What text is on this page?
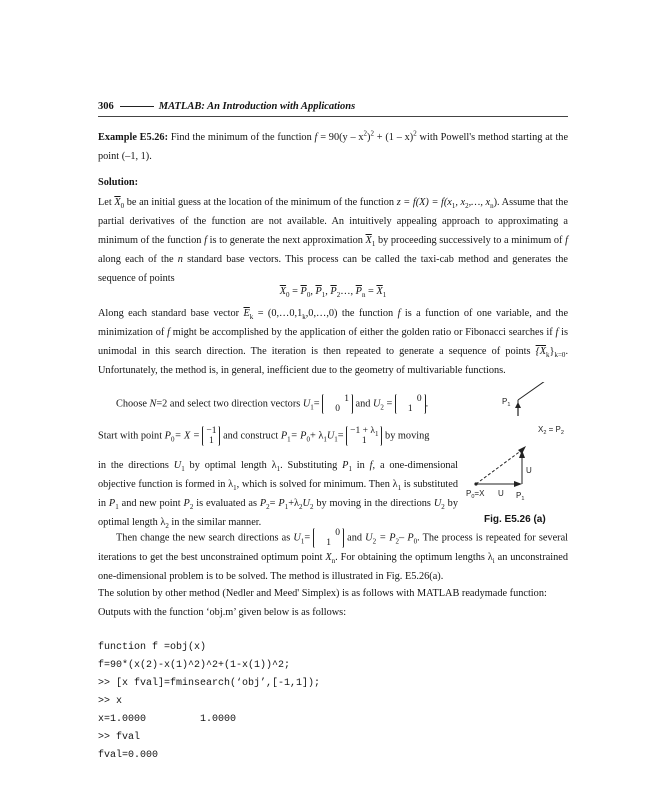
306	MATLAB: An Introduction with Applications

Example E5.26: Find the minimum of the function $f = 90(y - x^2)^2 + (1 - x)^2$ with Powell's method starting at the point (–1, 1).

Solution:

Let $\overline{X}_0$ be an initial guess at the location of the minimum of the function $z = f(X) = f(x_1$, $x_2,\dots$, $x_n$). Assume that the partial derivatives of the function are not available. An intuitively appealing approach to approximating a minimum of the function f is to generate the next approximation $\overline{X}_1$ by proceeding successively to a minimum of f along each of the n standard base vectors. This process can be called the taxi-cab method and generates the sequence of points

$\overline{X}_0 = \overline{P}_0$, $\overline{P}_1$, $\overline{P}_2\dots$, $\overline{P}_n = \overline{X}_1$

Along each standard base vector $\overline{E}_k$ = $(0,\dots 0,1_k,0,\dots,0)$ the function f is a function of one variable, and the minimization of f might be accomplished by the application of either the golden ratio or Fibonacci searches if f is unimodal in this search direction. The iteration is then repeated to generate a sequence of points $\{X_k\}_{k=0}$. Unfortunately, the method is, in general, inefficient due to the geometry of multivariable functions.

Choose N=2 and select two direction vectors $U_1=$	1
0 and $U_2$ =	0
1 .

Start with point $P_0= X = -1$
1 and construct $P_1= P_0+ \lambda_1U_1= -1 + \lambda_1$
1 by moving

in the directions $U_1$ by optimal length $\lambda_1$. Substituting $P_1$ in f, a one-dimensional objective function is formed in $\lambda_1$, which is solved for minimum. Then $\lambda_1$ is substituted in $P_1$ and new point $P_2$ is evaluated as $P_2= P_1+\lambda_2U_2$ by moving in the directions $U_2$ by optimal length $\lambda_2$ in the similar manner.

$P_1$
$X_2 = P_2$
U
$P_0=X$ U $P_1$
Fig. E5.26 (a)

Then change the new search directions as $U_1=$	0
1 and $U_2 = P_2-$ $P_0$. The process is repeated for several iterations to get the best unconstrained optimum point $X_n$. For obtaining the optimum lengths $\lambda_i$ an unconstrained one-dimensional problem is to be solved. The method is illustrated in Fig. E5.26(a).

The solution by other method (Nedler and Meed' Simplex) is as follows with MATLAB readymade function:

Outputs with the function ‘obj.m’ given below is as follows:

function f =obj(x)
f=90*(x(2)-x(1)^2)^2+(1-x(1))^2;
>> [x fval]=fminsearch(‘obj’,[-1,1]);
>> x
x=1.0000         1.0000
>> fval
fval=0.000
